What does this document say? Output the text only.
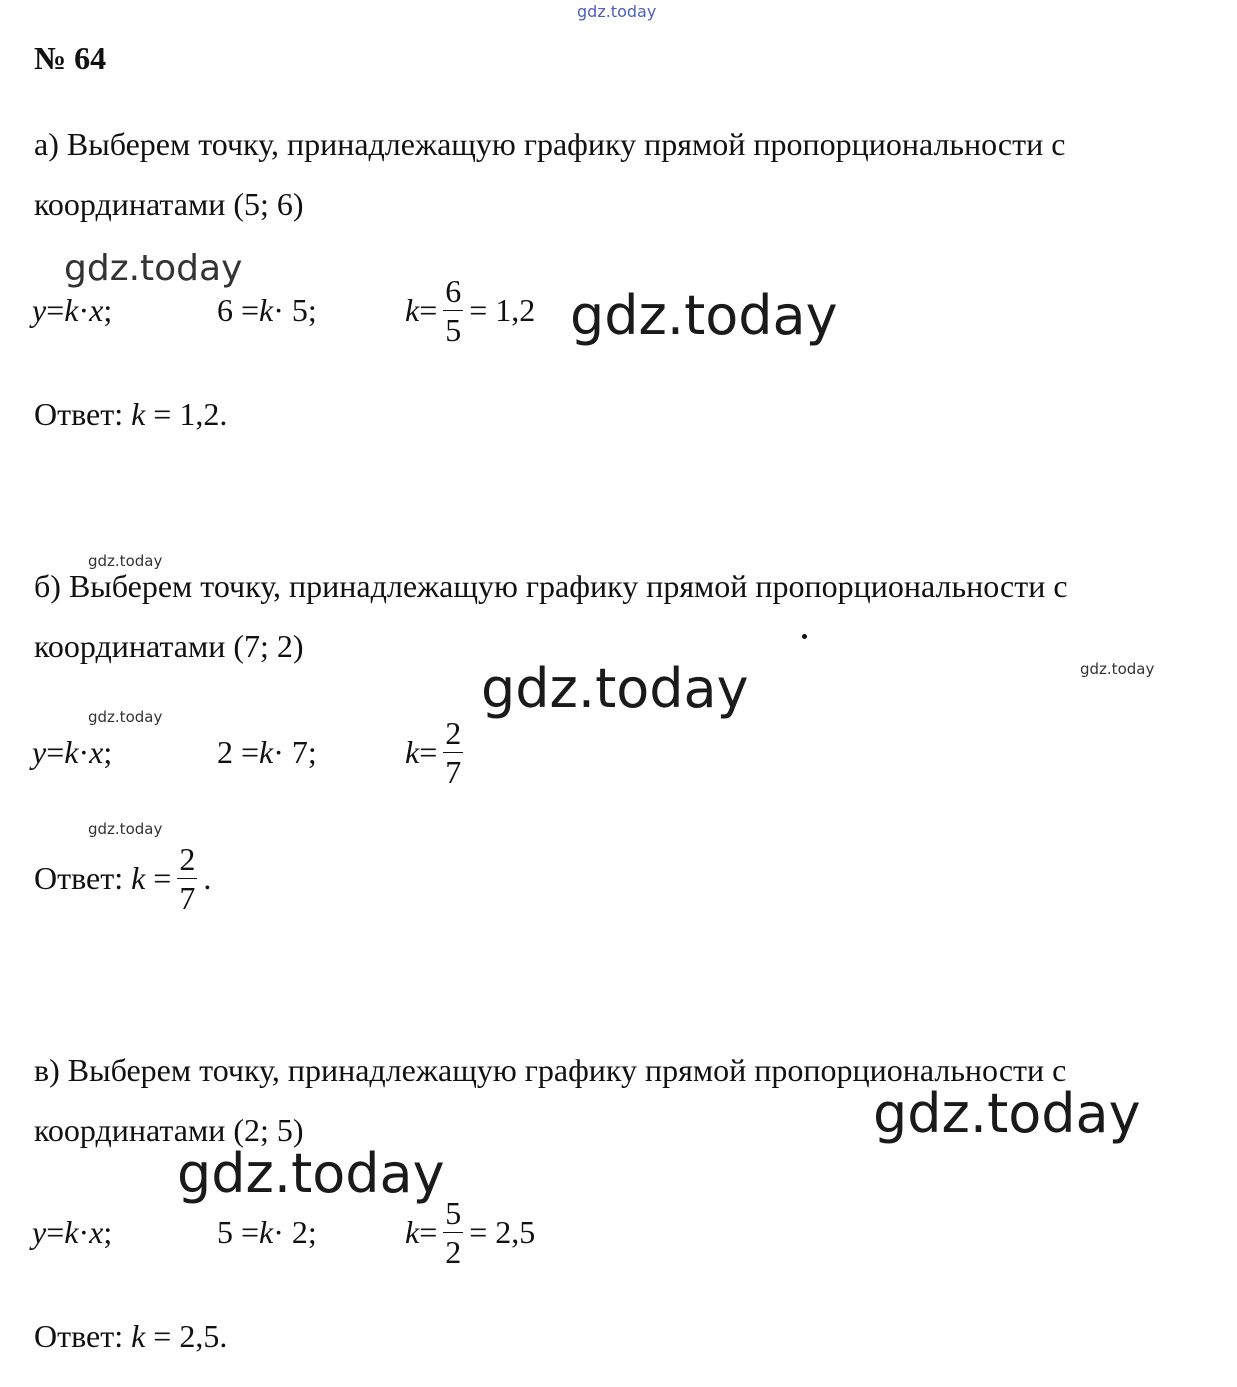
gdz.today
gdz.today
gdz.today
gdz.today
gdz.today
gdz.today
gdz.today
gdz.today
gdz.today
gdz.today
№ 64
а) Выберем точку, принадлежащую графику прямой пропорциональности с
координатами (5; 6)
y = k · x ;	6 = k · 5;	$k = \frac{6}{5} = 1,2$
Ответ: k = 1,2.
б) Выберем точку, принадлежащую графику прямой пропорциональности с
координатами (7; 2)
y = k · x ;	2 = k · 7;	$k = \frac{2}{7}$
Ответ: $k = \frac{2}{7}$ .
в) Выберем точку, принадлежащую графику прямой пропорциональности с
координатами (2; 5)
y = k · x ;	5 = k · 2;	$k = \frac{5}{2} = 2,5$
Ответ: k = 2,5.
